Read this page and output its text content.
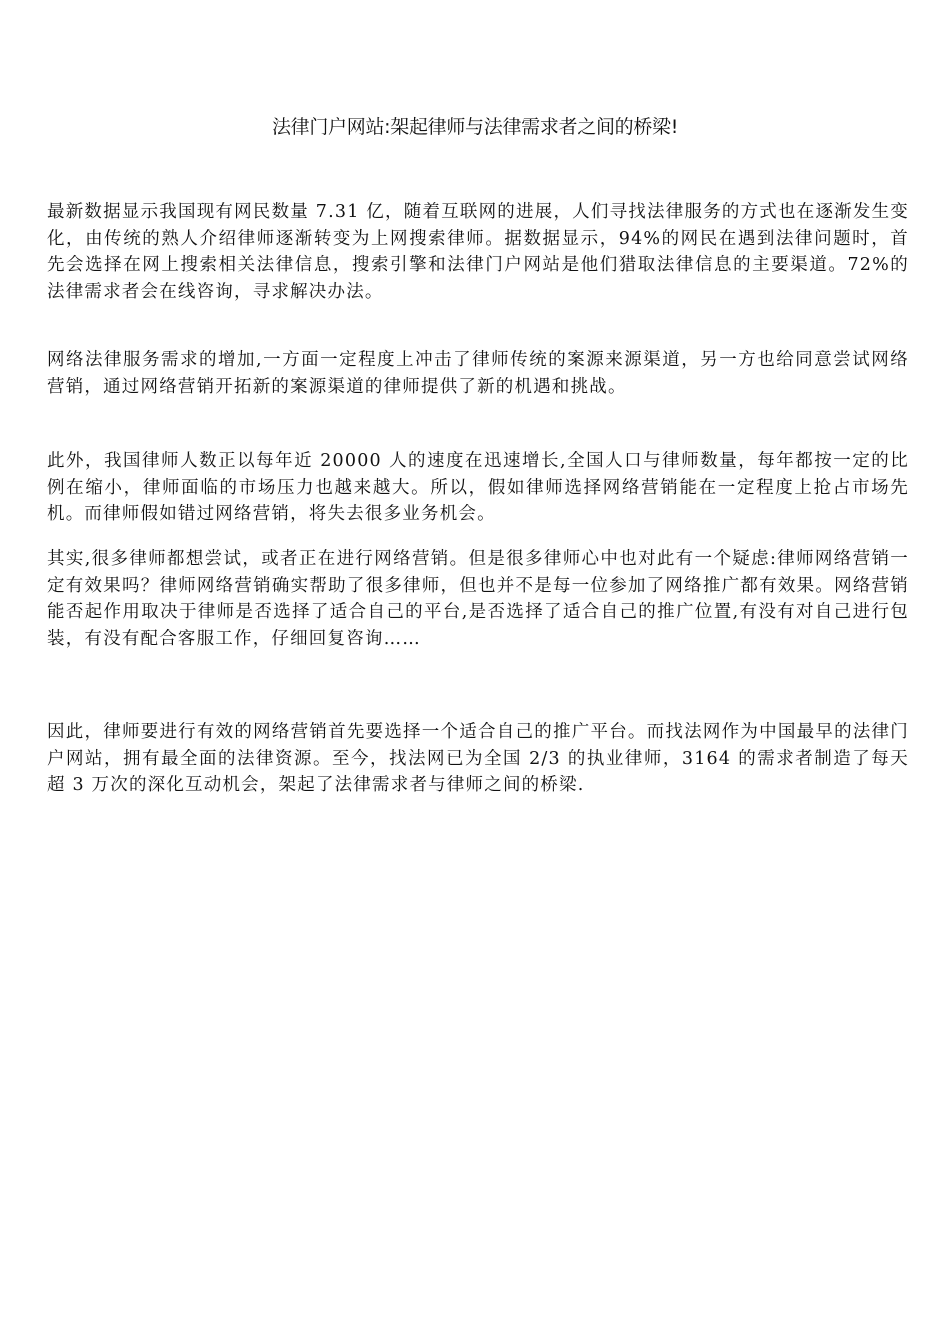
法律门户网站:架起律师与法律需求者之间的桥梁!

最新数据显示我国现有网民数量 7.31 亿，随着互联网的进展，人们寻找法律服务的方式也在逐渐发生变化，由传统的熟人介绍律师逐渐转变为上网搜索律师。据数据显示，94%的网民在遇到法律问题时，首先会选择在网上搜索相关法律信息，搜索引擎和法律门户网站是他们猎取法律信息的主要渠道。72%的法律需求者会在线咨询，寻求解决办法。

网络法律服务需求的增加,一方面一定程度上冲击了律师传统的案源来源渠道，另一方也给同意尝试网络营销，通过网络营销开拓新的案源渠道的律师提供了新的机遇和挑战。

此外，我国律师人数正以每年近 20000 人的速度在迅速增长,全国人口与律师数量，每年都按一定的比例在缩小，律师面临的市场压力也越来越大。所以，假如律师选择网络营销能在一定程度上抢占市场先机。而律师假如错过网络营销，将失去很多业务机会。

其实,很多律师都想尝试，或者正在进行网络营销。但是很多律师心中也对此有一个疑虑:律师网络营销一定有效果吗？律师网络营销确实帮助了很多律师，但也并不是每一位参加了网络推广都有效果。网络营销能否起作用取决于律师是否选择了适合自己的平台,是否选择了适合自己的推广位置,有没有对自己进行包装，有没有配合客服工作，仔细回复咨询……

因此，律师要进行有效的网络营销首先要选择一个适合自己的推广平台。而找法网作为中国最早的法律门户网站，拥有最全面的法律资源。至今，找法网已为全国 2/3 的执业律师，3164 的需求者制造了每天超 3 万次的深化互动机会，架起了法律需求者与律师之间的桥梁.
